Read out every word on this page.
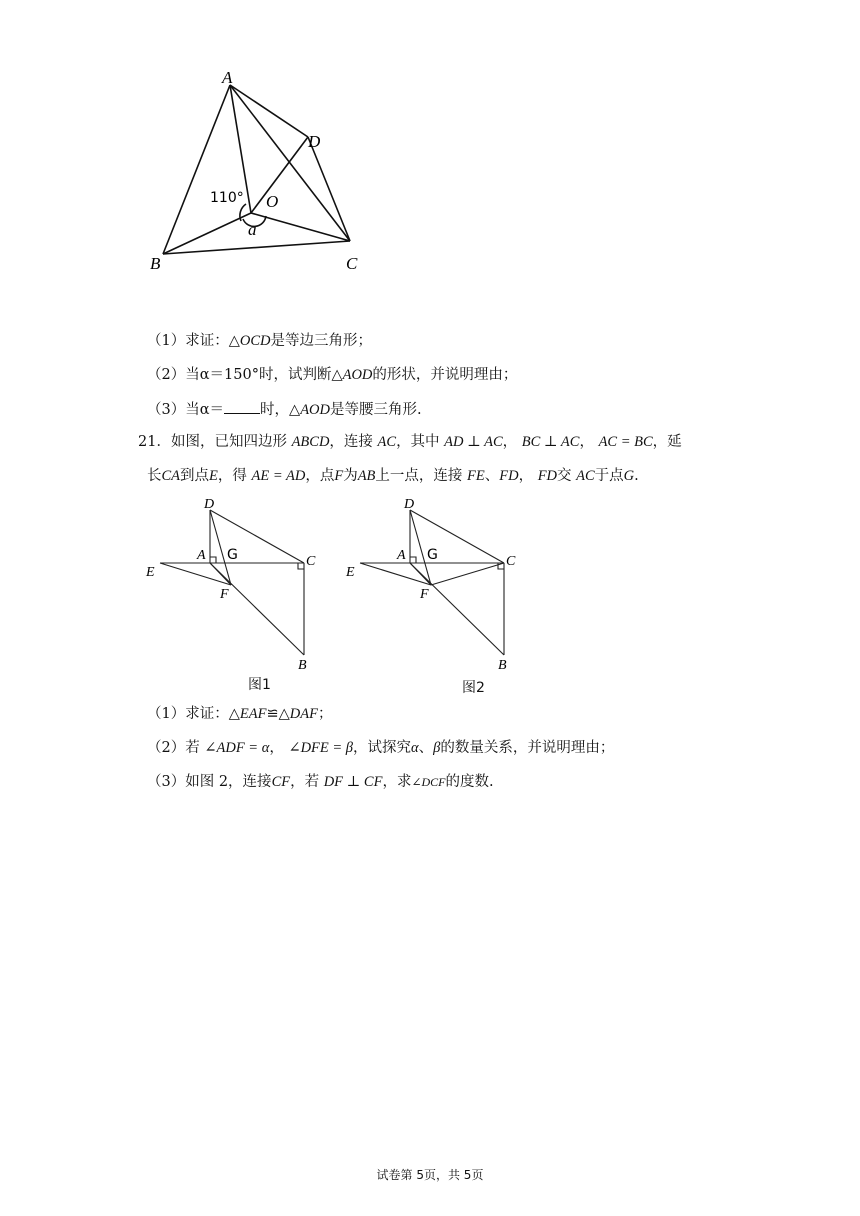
A
D
O
B	C
110°
a
（1）求证：△OCD是等边三角形；
（2）当α＝150°时，试判断△AOD的形状，并说明理由；
（3）当α＝ 时，△AOD是等腰三角形.
21．如图，已知四边形 ABCD，连接 AC，其中 AD ⊥ AC， BC ⊥ AC， AC = BC，延
长CA到点E，得 AE = AD，点F为AB上一点，连接 FE、FD， FD交 AC于点G.
D
A G	C
E
F
B
图1
D
A G	C
E
F
B
图2
（1）求证：△EAF≌△DAF；
（2）若 ∠ADF = α， ∠DFE = β，试探究α、β的数量关系，并说明理由；
（3）如图 2，连接CF，若 DF ⊥ CF，求∠DCF的度数.
试卷第 5页，共 5页
